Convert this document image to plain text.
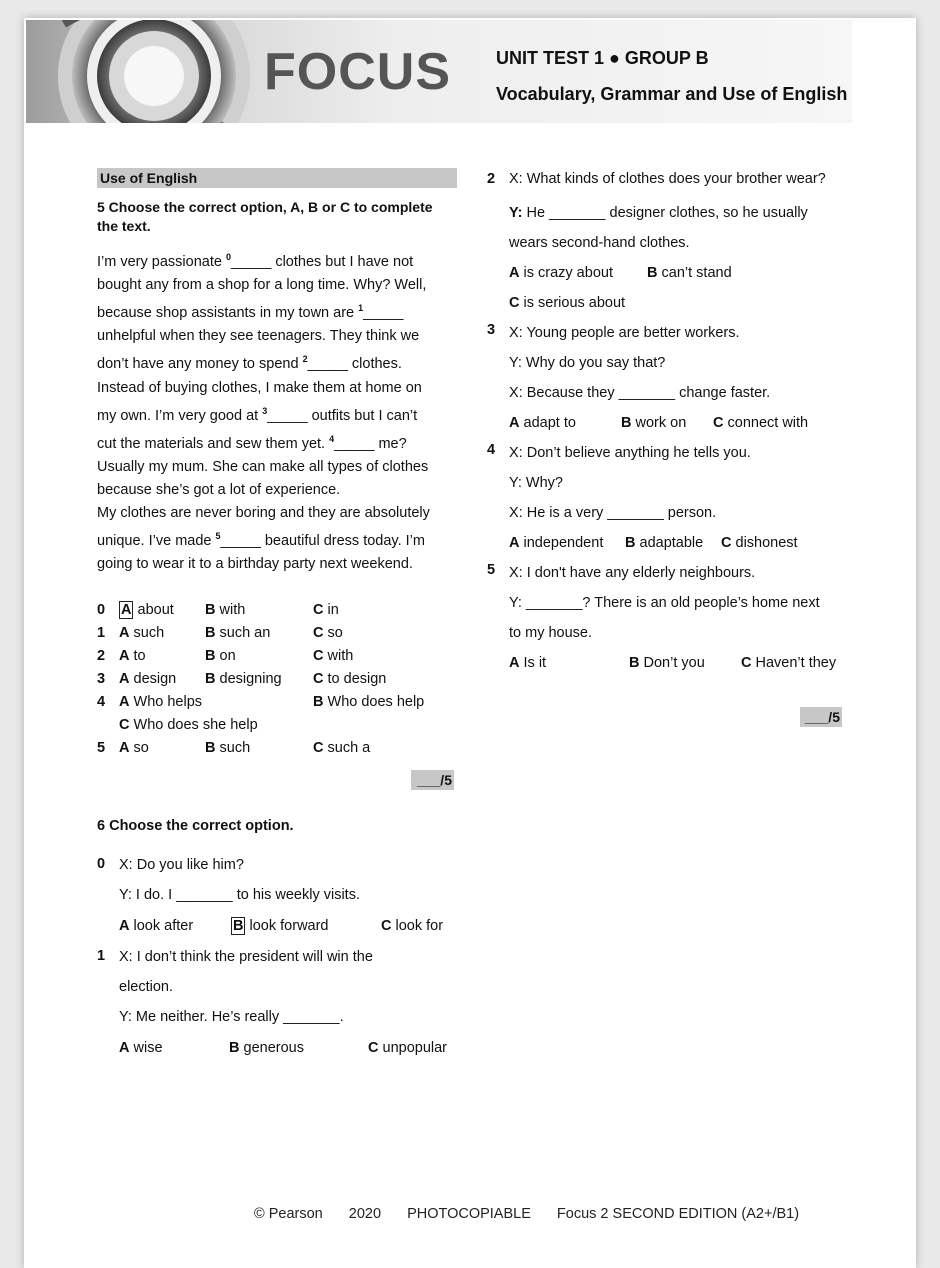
FOCUS	UNIT TEST 1 ● GROUP B
Vocabulary, Grammar and Use of English
Use of English
5 Choose the correct option, A, B or C to complete the text.
I’m very passionate $^0$_____ clothes but I have not
bought any from a shop for a long time. Why? Well,
because shop assistants in my town are $^1$_____
unhelpful when they see teenagers. They think we
don’t have any money to spend $^2$_____ clothes.
Instead of buying clothes, I make them at home on
my own. I’m very good at $^3$_____ outfits but I can’t
cut the materials and sew them yet. $^4$_____ me?
Usually my mum. She can make all types of clothes
because she’s got a lot of experience.
My clothes are never boring and they are absolutely
unique. I’ve made $^5$_____ beautiful dress today. I’m
going to wear it to a birthday party next weekend.
0 A about B with	C in
1 A such	B such an	C so
2 A to	B on	C with
3 A design B designing C to design
4 A Who helps	B Who does help
C Who does she help
5 A so	B such	C such a
___/5
6 Choose the correct option.
0 X: Do you like him?
Y: I do. I _______ to his weekly visits.
A look after	B look forward	C look for
1 X: I don’t think the president will win the
election.
Y: Me neither. He’s really _______.
A wise	B generous	C unpopular
2 X: What kinds of clothes does your brother wear?
Y: He _______ designer clothes, so he usually
wears second-hand clothes.
A is crazy about B can’t stand
C is serious about
3 X: Young people are better workers.
Y: Why do you say that?
X: Because they _______ change faster.
A adapt to	B work on C connect with
4 X: Don’t believe anything he tells you.
Y: Why?
X: He is a very _______ person.
A independent B adaptable C dishonest
5 X: I don't have any elderly neighbours.
Y: _______? There is an old people’s home next
to my house.
A Is it	B Don’t you C Haven’t they
___/5
© Pearson 2020 PHOTOCOPIABLE Focus 2 SECOND EDITION (A2+/B1)
